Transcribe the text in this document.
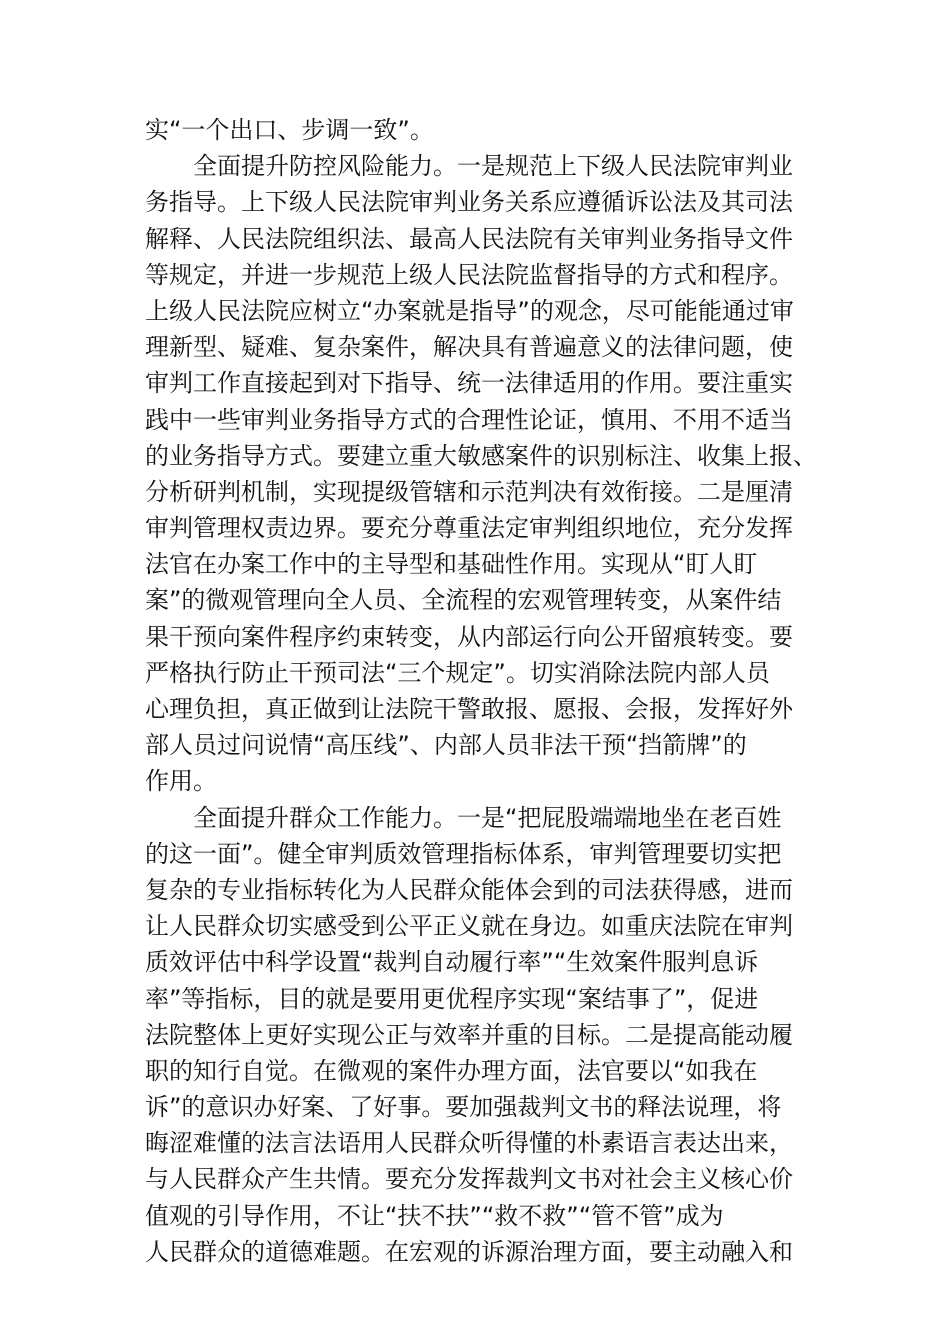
实“一个出口、步调一致”。
全面提升防控风险能力。一是规范上下级人民法院审判业
务指导。上下级人民法院审判业务关系应遵循诉讼法及其司法
解释、人民法院组织法、最高人民法院有关审判业务指导文件
等规定，并进一步规范上级人民法院监督指导的方式和程序。
上级人民法院应树立“办案就是指导”的观念，尽可能能通过审
理新型、疑难、复杂案件，解决具有普遍意义的法律问题，使
审判工作直接起到对下指导、统一法律适用的作用。要注重实
践中一些审判业务指导方式的合理性论证，慎用、不用不适当
的业务指导方式。要建立重大敏感案件的识别标注、收集上报、
分析研判机制，实现提级管辖和示范判决有效衔接。二是厘清
审判管理权责边界。要充分尊重法定审判组织地位，充分发挥
法官在办案工作中的主导型和基础性作用。实现从“盯人盯
案”的微观管理向全人员、全流程的宏观管理转变，从案件结
果干预向案件程序约束转变，从内部运行向公开留痕转变。要
严格执行防止干预司法“三个规定”。切实消除法院内部人员
心理负担，真正做到让法院干警敢报、愿报、会报，发挥好外
部人员过问说情“高压线”、内部人员非法干预“挡箭牌”的
作用。
全面提升群众工作能力。一是“把屁股端端地坐在老百姓
的这一面”。健全审判质效管理指标体系，审判管理要切实把
复杂的专业指标转化为人民群众能体会到的司法获得感，进而
让人民群众切实感受到公平正义就在身边。如重庆法院在审判
质效评估中科学设置“裁判自动履行率”“生效案件服判息诉
率”等指标，目的就是要用更优程序实现“案结事了”，促进
法院整体上更好实现公正与效率并重的目标。二是提高能动履
职的知行自觉。在微观的案件办理方面，法官要以“如我在
诉”的意识办好案、了好事。要加强裁判文书的释法说理，将
晦涩难懂的法言法语用人民群众听得懂的朴素语言表达出来，
与人民群众产生共情。要充分发挥裁判文书对社会主义核心价
值观的引导作用，不让“扶不扶”“救不救”“管不管”成为
人民群众的道德难题。在宏观的诉源治理方面，要主动融入和
